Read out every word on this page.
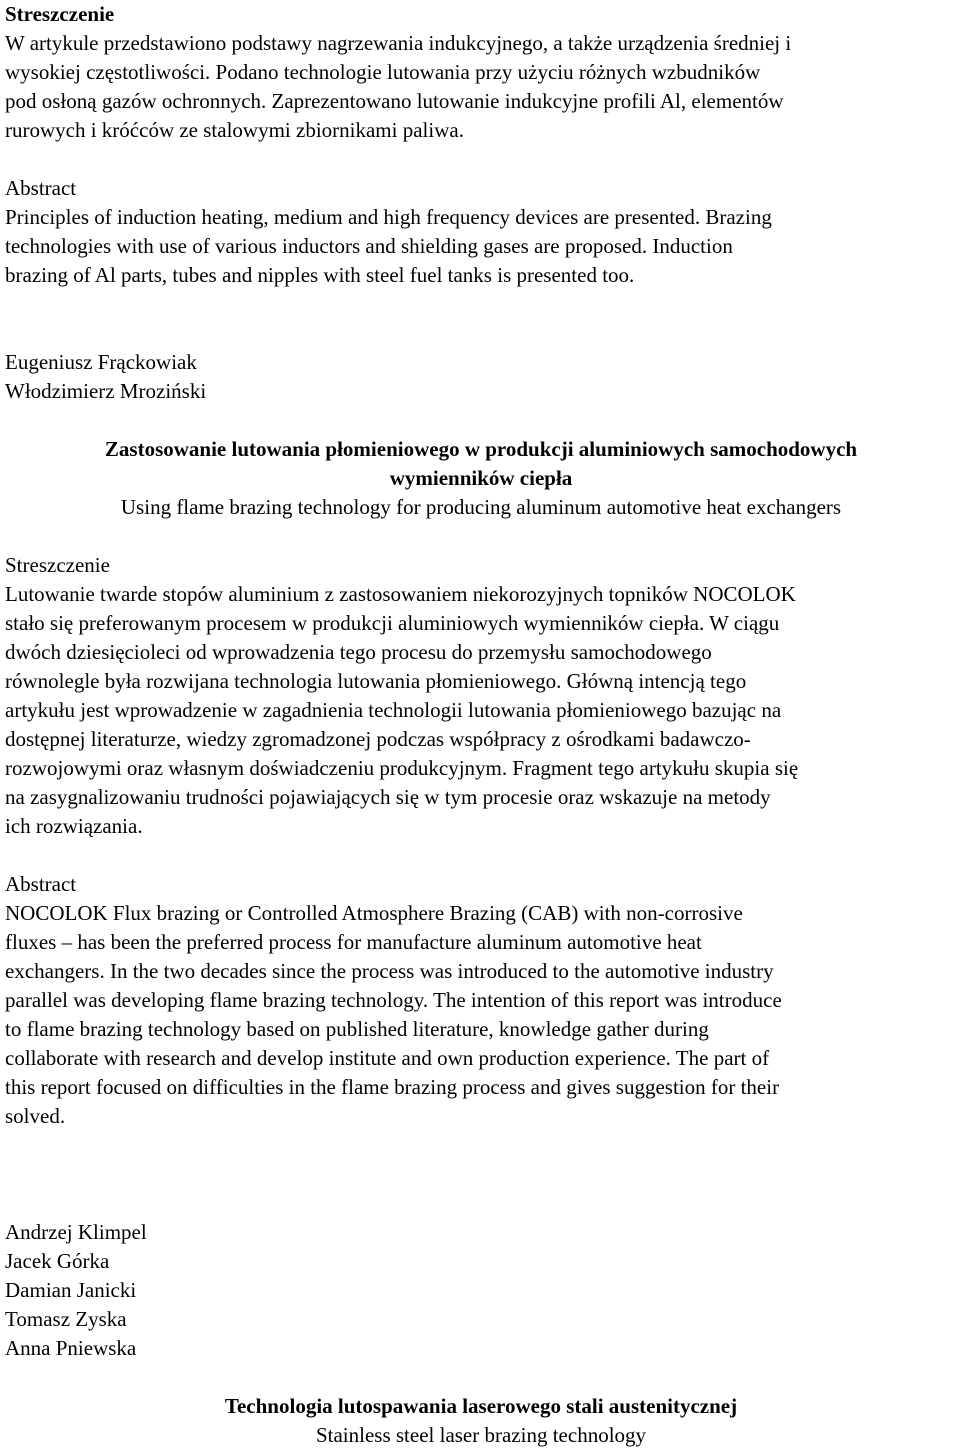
Streszczenie

W artykule przedstawiono podstawy nagrzewania indukcyjnego, a także urządzenia średniej i

wysokiej częstotliwości. Podano technologie lutowania przy użyciu różnych wzbudników

pod osłoną gazów ochronnych. Zaprezentowano lutowanie indukcyjne profili Al, elementów

rurowych i króćców ze stalowymi zbiornikami paliwa.

Abstract

Principles of induction heating, medium and high frequency devices are presented. Brazing

technologies with use of various inductors and shielding gases are proposed. Induction

brazing of Al parts, tubes and nipples with steel fuel tanks is presented too.

Eugeniusz Frąckowiak

Włodzimierz Mroziński

Zastosowanie lutowania płomieniowego w produkcji aluminiowych samochodowych

wymienników ciepła

Using flame brazing technology for producing aluminum automotive heat exchangers

Streszczenie

Lutowanie twarde stopów aluminium z zastosowaniem niekorozyjnych topników NOCOLOK

stało się preferowanym procesem w produkcji aluminiowych wymienników ciepła. W ciągu

dwóch dziesięcioleci od wprowadzenia tego procesu do przemysłu samochodowego

równolegle była rozwijana technologia lutowania płomieniowego. Główną intencją tego

artykułu jest wprowadzenie w zagadnienia technologii lutowania płomieniowego bazując na

dostępnej literaturze, wiedzy zgromadzonej podczas współpracy z ośrodkami badawczo-

rozwojowymi oraz własnym doświadczeniu produkcyjnym. Fragment tego artykułu skupia się

na zasygnalizowaniu trudności pojawiających się w tym procesie oraz wskazuje na metody

ich rozwiązania.

Abstract

NOCOLOK Flux brazing or Controlled Atmosphere Brazing (CAB) with non-corrosive

fluxes – has been the preferred process for manufacture aluminum automotive heat

exchangers. In the two decades since the process was introduced to the automotive industry

parallel was developing flame brazing technology. The intention of this report was introduce

to flame brazing technology based on published literature, knowledge gather during

collaborate with research and develop institute and own production experience. The part of

this report focused on difficulties in the flame brazing process and gives suggestion for their

solved.

Andrzej Klimpel

Jacek Górka

Damian Janicki

Tomasz Zyska

Anna Pniewska

Technologia lutospawania laserowego stali austenitycznej

Stainless steel laser brazing technology
